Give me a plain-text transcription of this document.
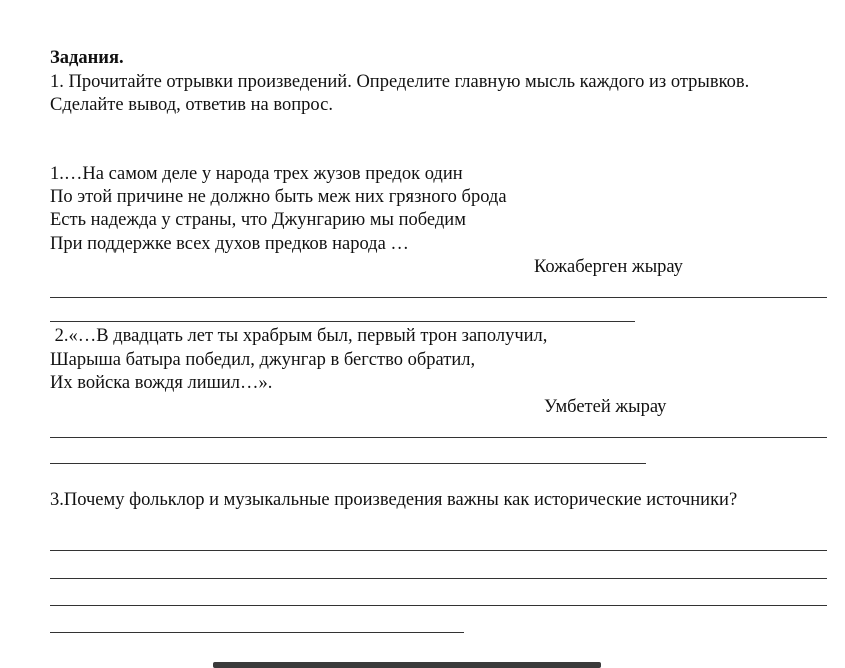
Задания.
1. Прочитайте отрывки произведений. Определите главную мысль каждого из отрывков.
Сделайте вывод, ответив на вопрос.
1.…На самом деле у народа трех жузов предок один
По этой причине не должно быть меж них грязного брода
Есть надежда у страны, что Джунгарию мы победим
При поддержке всех духов предков народа …
Кожаберген жырау
2.«…В двадцать лет ты храбрым был, первый трон заполучил,
Шарыша батыра победил, джунгар в бегство обратил,
Их войска вождя лишил…».
Умбетей жырау
3.Почему фольклор и музыкальные произведения важны как исторические источники?
